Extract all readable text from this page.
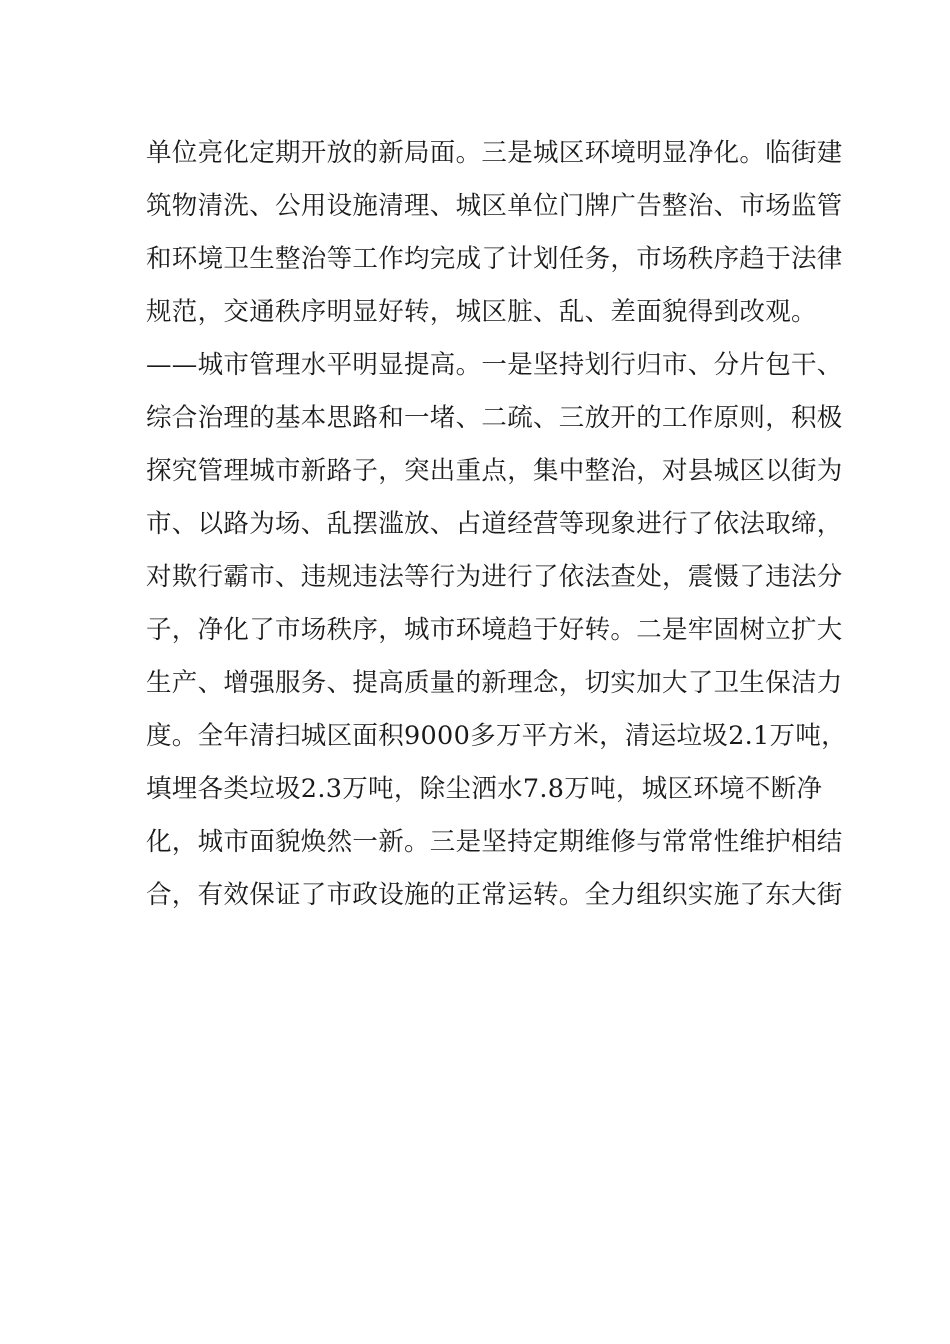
单位亮化定期开放的新局面。三是城区环境明显净化。临街建
筑物清洗、公用设施清理、城区单位门牌广告整治、市场监管
和环境卫生整治等工作均完成了计划任务，市场秩序趋于法律
规范，交通秩序明显好转，城区脏、乱、差面貌得到改观。
——城市管理水平明显提高。一是坚持划行归市、分片包干、
综合治理的基本思路和一堵、二疏、三放开的工作原则，积极
探究管理城市新路子，突出重点，集中整治，对县城区以街为
市、以路为场、乱摆滥放、占道经营等现象进行了依法取缔，
对欺行霸市、违规违法等行为进行了依法查处，震慑了违法分
子，净化了市场秩序，城市环境趋于好转。二是牢固树立扩大
生产、增强服务、提高质量的新理念，切实加大了卫生保洁力
度。全年清扫城区面积9000多万平方米，清运垃圾2.1万吨，
填埋各类垃圾2.3万吨，除尘洒水7.8万吨，城区环境不断净
化，城市面貌焕然一新。三是坚持定期维修与常常性维护相结
合，有效保证了市政设施的正常运转。全力组织实施了东大街
